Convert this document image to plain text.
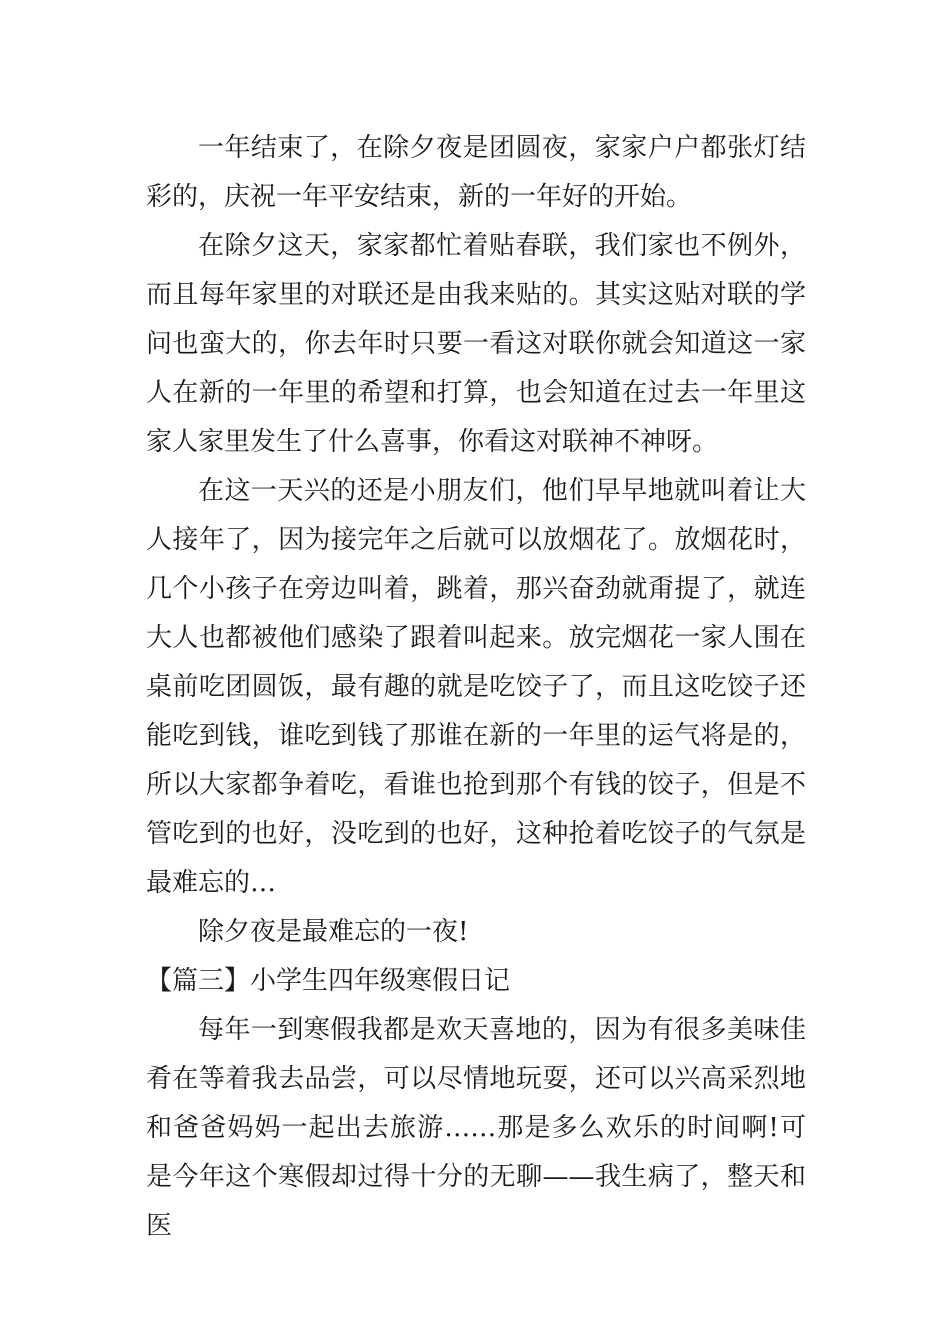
一年结束了，在除夕夜是团圆夜，家家户户都张灯结彩的，庆祝一年平安结束，新的一年好的开始。

在除夕这天，家家都忙着贴春联，我们家也不例外，而且每年家里的对联还是由我来贴的。其实这贴对联的学问也蛮大的，你去年时只要一看这对联你就会知道这一家人在新的一年里的希望和打算，也会知道在过去一年里这家人家里发生了什么喜事，你看这对联神不神呀。

在这一天兴的还是小朋友们，他们早早地就叫着让大人接年了，因为接完年之后就可以放烟花了。放烟花时，几个小孩子在旁边叫着，跳着，那兴奋劲就甭提了，就连大人也都被他们感染了跟着叫起来。放完烟花一家人围在桌前吃团圆饭，最有趣的就是吃饺子了，而且这吃饺子还能吃到钱，谁吃到钱了那谁在新的一年里的运气将是的，所以大家都争着吃，看谁也抢到那个有钱的饺子，但是不管吃到的也好，没吃到的也好，这种抢着吃饺子的气氛是最难忘的…

除夕夜是最难忘的一夜!

【篇三】小学生四年级寒假日记

每年一到寒假我都是欢天喜地的，因为有很多美味佳肴在等着我去品尝，可以尽情地玩耍，还可以兴高采烈地和爸爸妈妈一起出去旅游……那是多么欢乐的时间啊!可是今年这个寒假却过得十分的无聊——我生病了，整天和医
